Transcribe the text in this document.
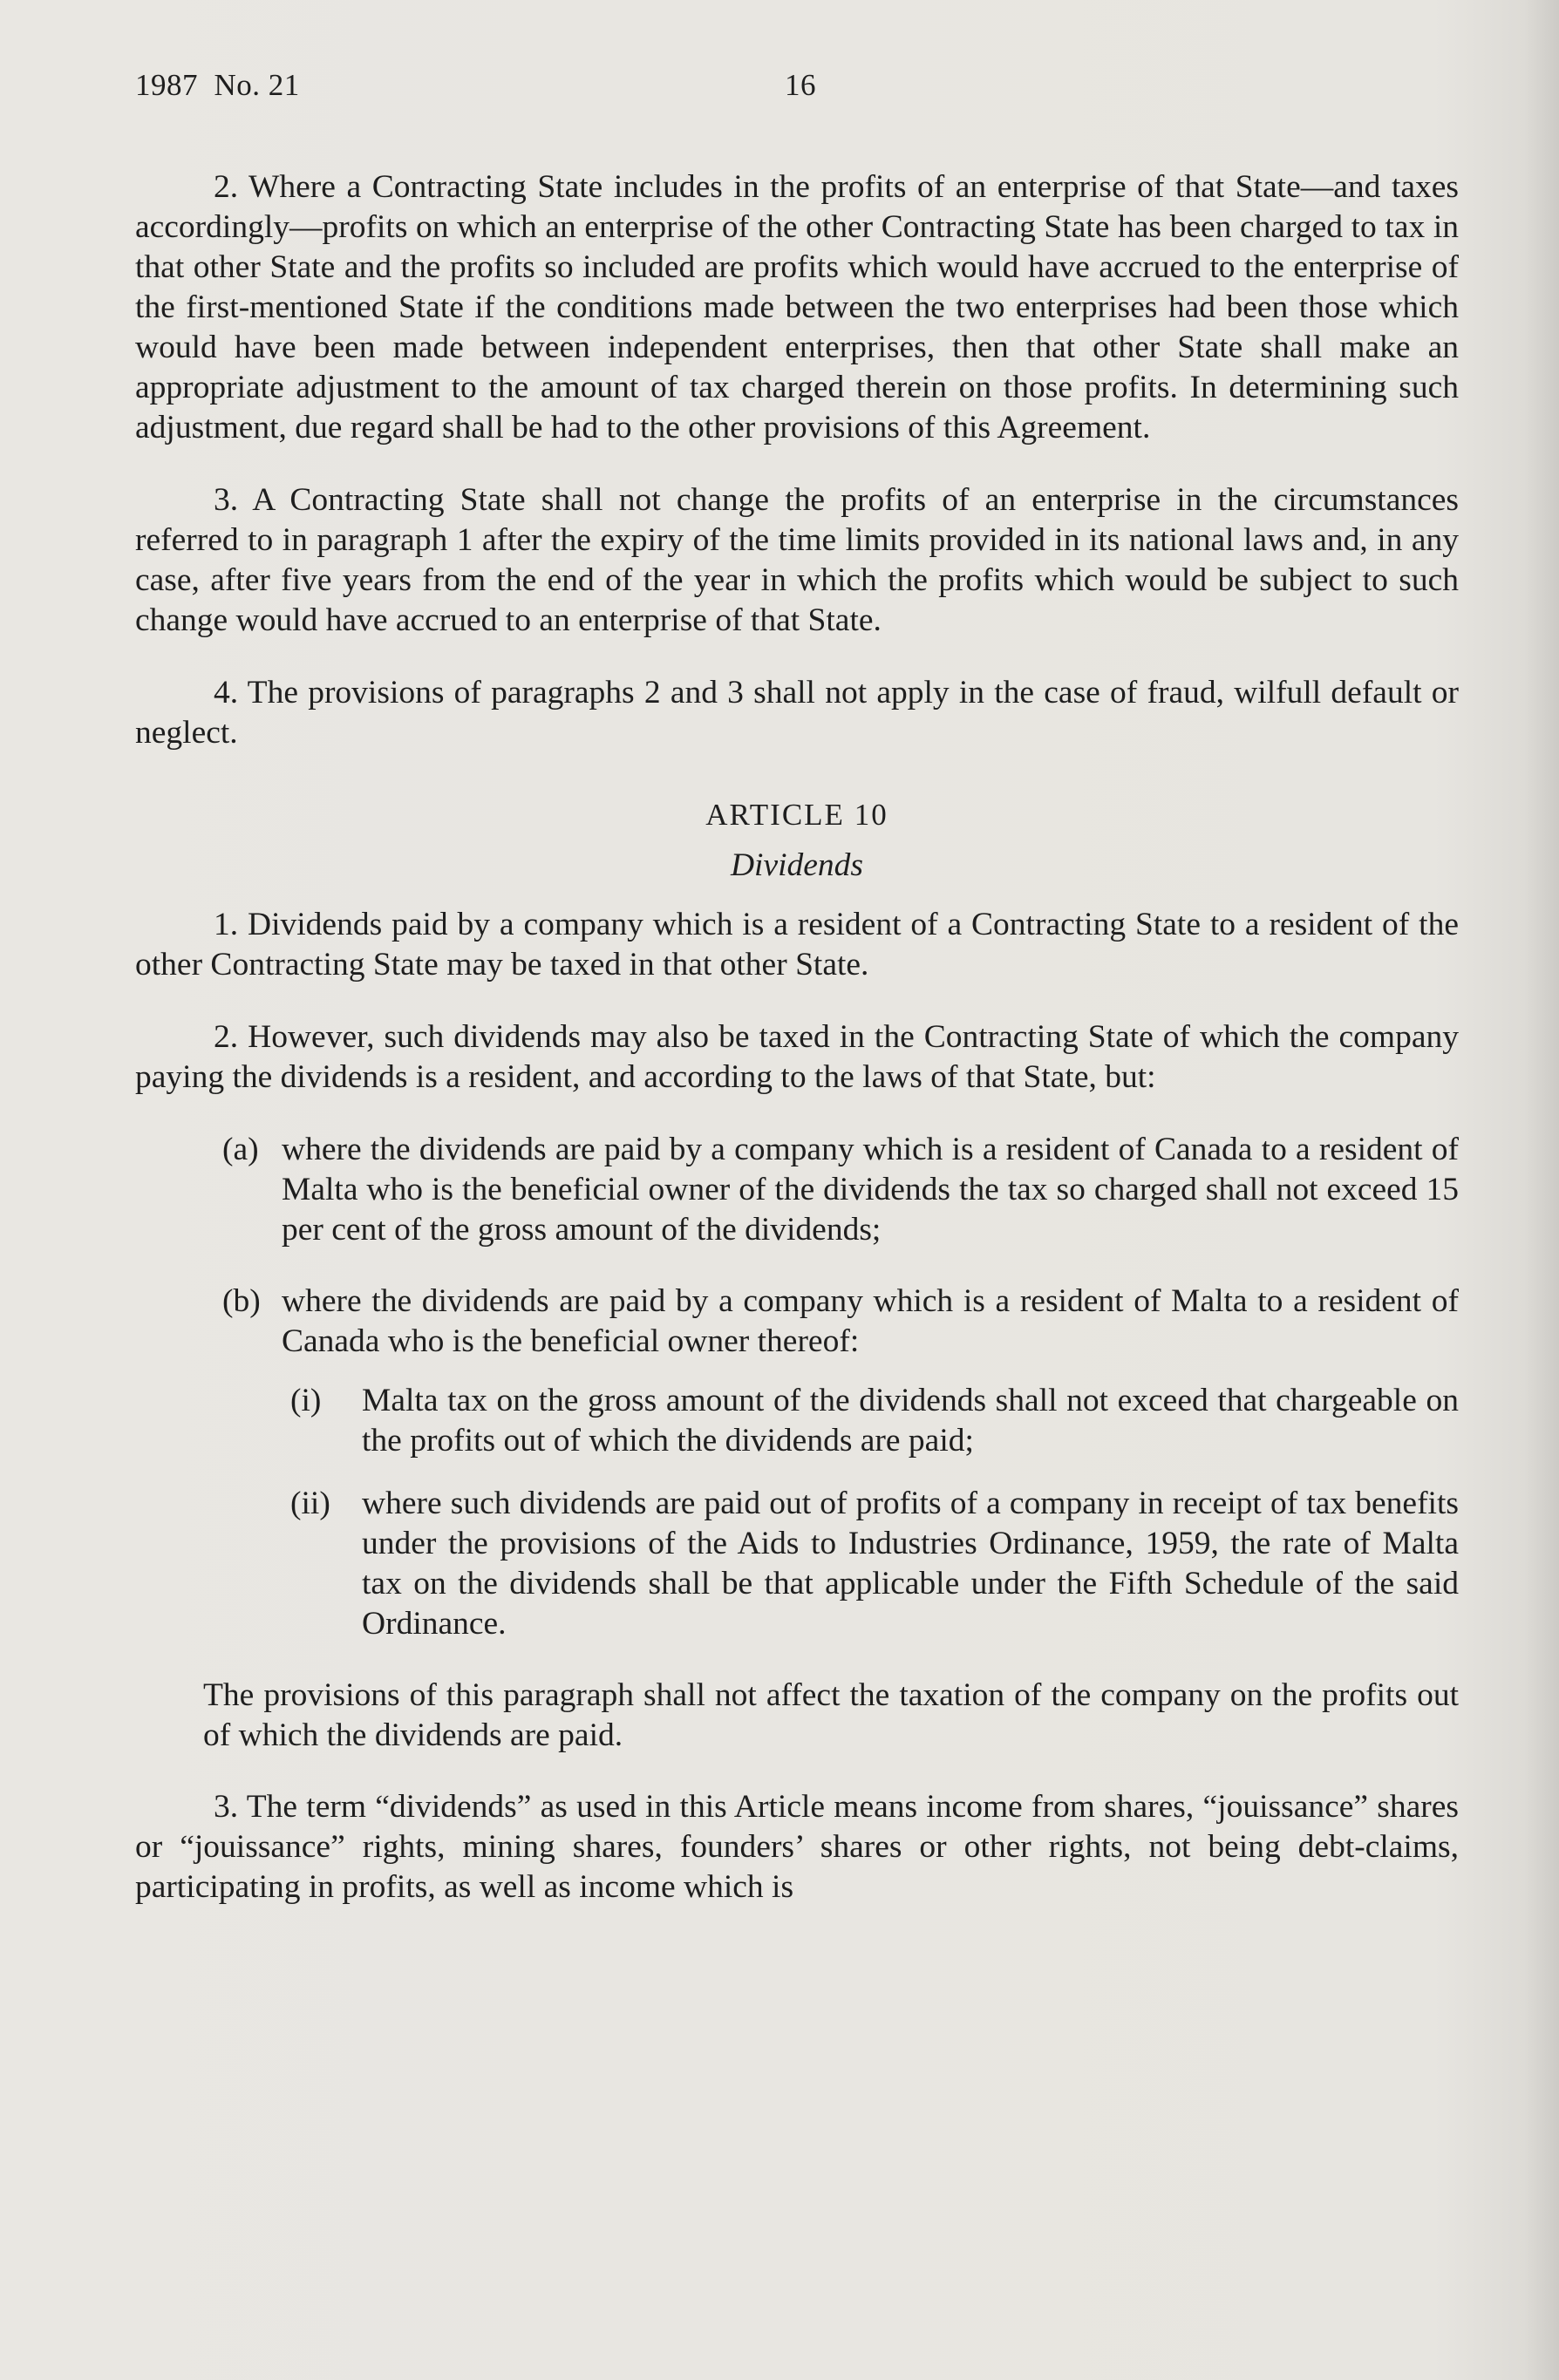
1987  No. 21	16

2. Where a Contracting State includes in the profits of an enterprise of that State—and taxes accordingly—profits on which an enterprise of the other Contracting State has been charged to tax in that other State and the profits so included are profits which would have accrued to the enterprise of the first-mentioned State if the conditions made between the two enterprises had been those which would have been made between independent enterprises, then that other State shall make an appropriate adjustment to the amount of tax charged therein on those profits. In determining such adjustment, due regard shall be had to the other provisions of this Agreement.

3. A Contracting State shall not change the profits of an enterprise in the circumstances referred to in paragraph 1 after the expiry of the time limits provided in its national laws and, in any case, after five years from the end of the year in which the profits which would be subject to such change would have accrued to an enterprise of that State.

4. The provisions of paragraphs 2 and 3 shall not apply in the case of fraud, wilfull default or neglect.

ARTICLE 10
Dividends

1. Dividends paid by a company which is a resident of a Contracting State to a resident of the other Contracting State may be taxed in that other State.

2. However, such dividends may also be taxed in the Contracting State of which the company paying the dividends is a resident, and according to the laws of that State, but:

(a) where the dividends are paid by a company which is a resident of Canada to a resident of Malta who is the beneficial owner of the dividends the tax so charged shall not exceed 15 per cent of the gross amount of the dividends;

(b) where the dividends are paid by a company which is a resident of Malta to a resident of Canada who is the beneficial owner thereof:

(i) Malta tax on the gross amount of the dividends shall not exceed that chargeable on the profits out of which the dividends are paid;

(ii) where such dividends are paid out of profits of a company in receipt of tax benefits under the provisions of the Aids to Industries Ordinance, 1959, the rate of Malta tax on the dividends shall be that applicable under the Fifth Schedule of the said Ordinance.

The provisions of this paragraph shall not affect the taxation of the company on the profits out of which the dividends are paid.

3. The term “dividends” as used in this Article means income from shares, “jouissance” shares or “jouissance” rights, mining shares, founders’ shares or other rights, not being debt-claims, participating in profits, as well as income which is
